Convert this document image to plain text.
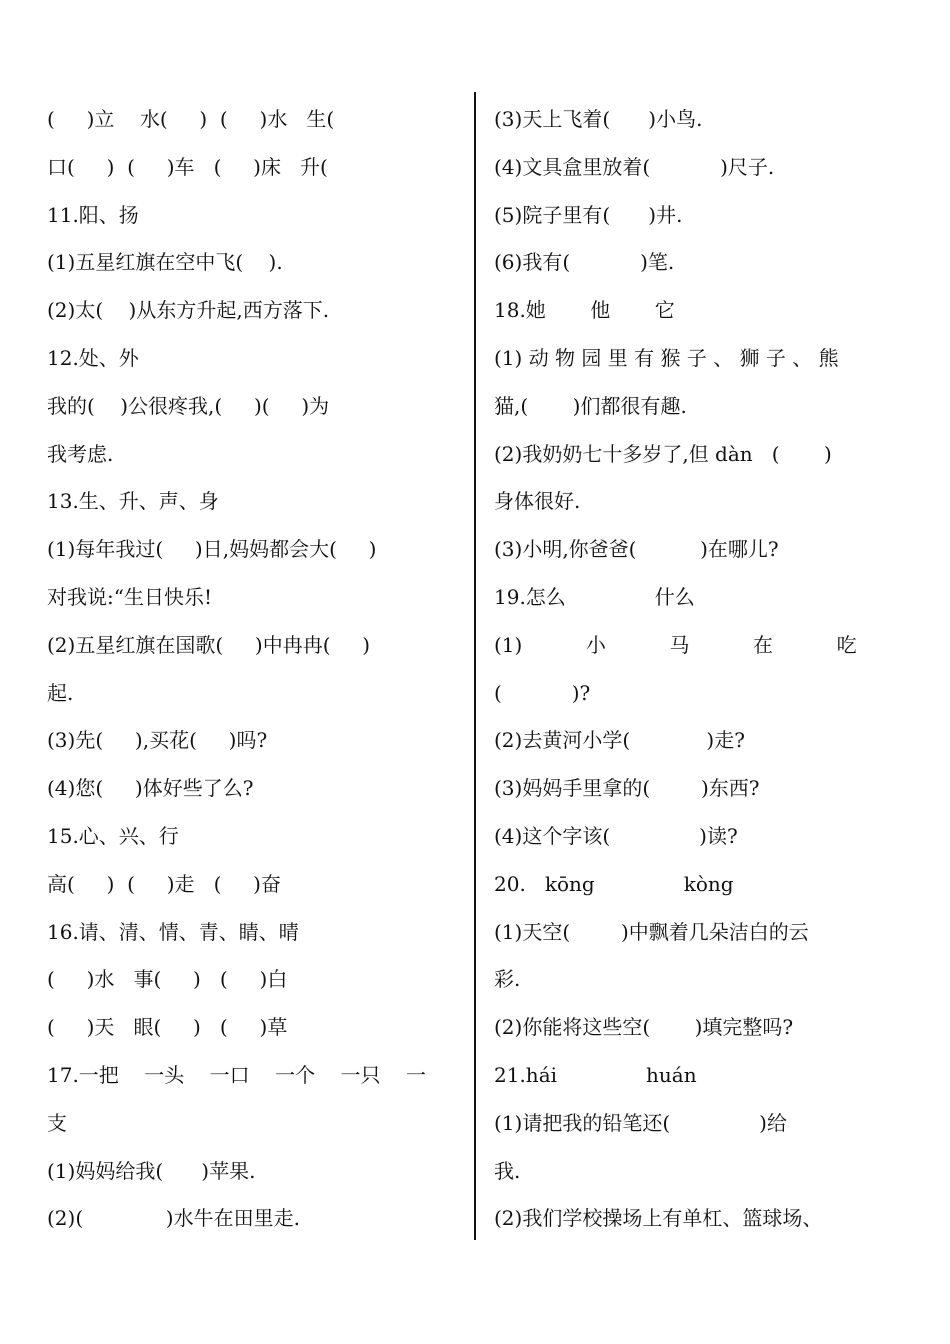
(     )立    水(     )  (     )水   生(
口(     )  (     )车   (     )床   升(
11.阳、扬
(1)五星红旗在空中飞(    ).
(2)太(    )从东方升起,西方落下.
12.处、外
我的(    )公很疼我,(     )(     )为
我考虑.
13.生、升、声、身
(1)每年我过(     )日,妈妈都会大(     )
对我说:“生日快乐!
(2)五星红旗在国歌(     )中冉冉(     )
起.
(3)先(     ),买花(     )吗?
(4)您(     )体好些了么?
15.心、兴、行
高(     )  (     )走   (     )奋
16.请、清、情、青、睛、晴
(     )水   事(     )   (     )白
(     )天   眼(     )   (     )草
17.一把    一头    一口    一个    一只    一
支
(1)妈妈给我(      )苹果.
(2)(             )水牛在田里走.
(3)天上飞着(      )小鸟.
(4)文具盒里放着(           )尺子.
(5)院子里有(      )井.
(6)我有(           )笔.
18.她       他       它
(1) 动 物 园 里 有 猴 子 、 狮 子 、 熊
猫,(       )们都很有趣.
(2)我奶奶七十多岁了,但 dàn   (       )
身体很好.
(3)小明,你爸爸(          )在哪儿?
19.怎么              什么
(1)          小          马          在          吃
(           )?
(2)去黄河小学(            )走?
(3)妈妈手里拿的(        )东西?
(4)这个字该(              )读?
20.   kōng              kòng
(1)天空(        )中飘着几朵洁白的云
彩.
(2)你能将这些空(       )填完整吗?
21.hái              huán
(1)请把我的铅笔还(              )给
我.
(2)我们学校操场上有单杠、篮球场、
